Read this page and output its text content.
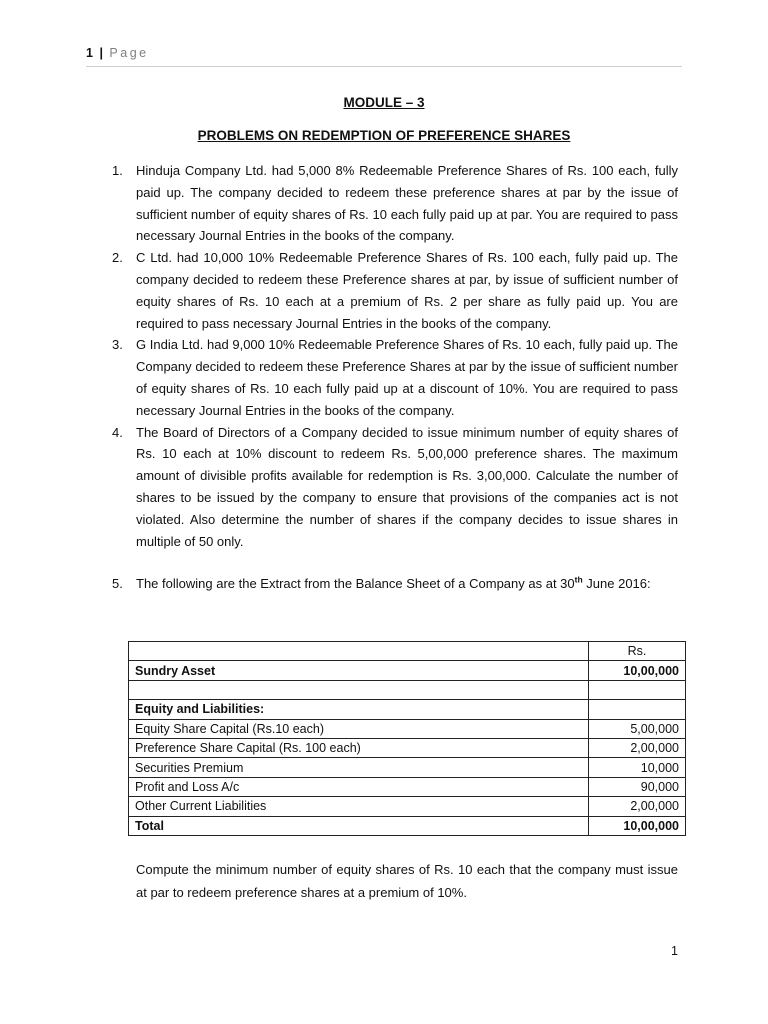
1 | Page
MODULE – 3
PROBLEMS ON REDEMPTION OF PREFERENCE SHARES
1. Hinduja Company Ltd. had 5,000 8% Redeemable Preference Shares of Rs. 100 each, fully paid up. The company decided to redeem these preference shares at par by the issue of sufficient number of equity shares of Rs. 10 each fully paid up at par. You are required to pass necessary Journal Entries in the books of the company.
2. C Ltd. had 10,000 10% Redeemable Preference Shares of Rs. 100 each, fully paid up. The company decided to redeem these Preference shares at par, by issue of sufficient number of equity shares of Rs. 10 each at a premium of Rs. 2 per share as fully paid up. You are required to pass necessary Journal Entries in the books of the company.
3. G India Ltd. had 9,000 10% Redeemable Preference Shares of Rs. 10 each, fully paid up. The Company decided to redeem these Preference Shares at par by the issue of sufficient number of equity shares of Rs. 10 each fully paid up at a discount of 10%. You are required to pass necessary Journal Entries in the books of the company.
4. The Board of Directors of a Company decided to issue minimum number of equity shares of Rs. 10 each at 10% discount to redeem Rs. 5,00,000 preference shares. The maximum amount of divisible profits available for redemption is Rs. 3,00,000. Calculate the number of shares to be issued by the company to ensure that provisions of the companies act is not violated. Also determine the number of shares if the company decides to issue shares in multiple of 50 only.
5. The following are the Extract from the Balance Sheet of a Company as at 30th June 2016:
	Rs.
Sundry Asset	10,00,000

Equity and Liabilities:	
Equity Share Capital (Rs.10 each)	5,00,000
Preference Share Capital (Rs. 100 each)	2,00,000
Securities Premium	10,000
Profit and Loss A/c	90,000
Other Current Liabilities	2,00,000
Total	10,00,000

Compute the minimum number of equity shares of Rs. 10 each that the company must issue at par to redeem preference shares at a premium of 10%.

1
